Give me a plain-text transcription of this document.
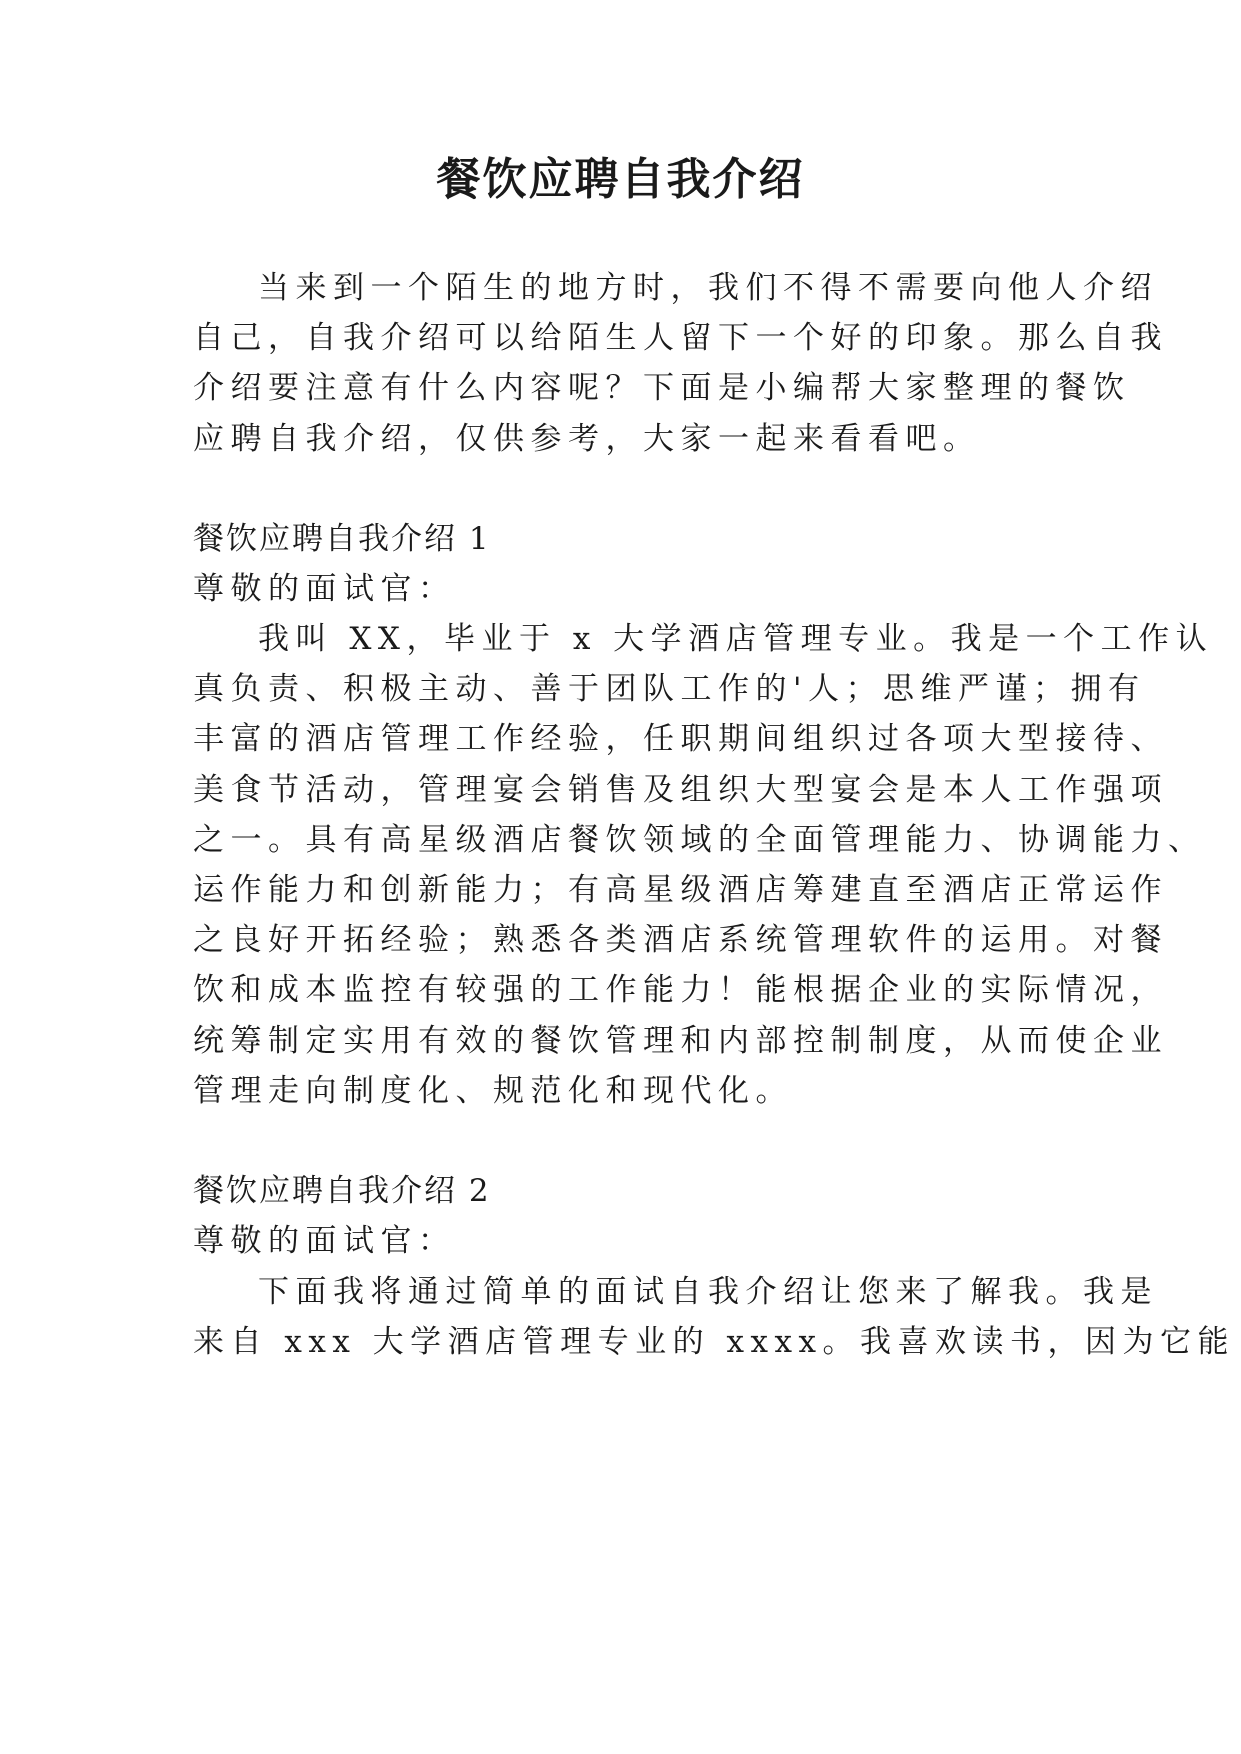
餐饮应聘自我介绍
当来到一个陌生的地方时，我们不得不需要向他人介绍
自己，自我介绍可以给陌生人留下一个好的印象。那么自我
介绍要注意有什么内容呢？下面是小编帮大家整理的餐饮
应聘自我介绍，仅供参考，大家一起来看看吧。
餐饮应聘自我介绍 1
尊敬的面试官：
我叫 XX，毕业于 x 大学酒店管理专业。我是一个工作认
真负责、积极主动、善于团队工作的'人；思维严谨；拥有
丰富的酒店管理工作经验，任职期间组织过各项大型接待、
美食节活动，管理宴会销售及组织大型宴会是本人工作强项
之一。具有高星级酒店餐饮领域的全面管理能力、协调能力、
运作能力和创新能力；有高星级酒店筹建直至酒店正常运作
之良好开拓经验；熟悉各类酒店系统管理软件的运用。对餐
饮和成本监控有较强的工作能力！能根据企业的实际情况，
统筹制定实用有效的餐饮管理和内部控制制度，从而使企业
管理走向制度化、规范化和现代化。
餐饮应聘自我介绍 2
尊敬的面试官：
下面我将通过简单的面试自我介绍让您来了解我。我是
来自 xxx 大学酒店管理专业的 xxxx。我喜欢读书，因为它能
